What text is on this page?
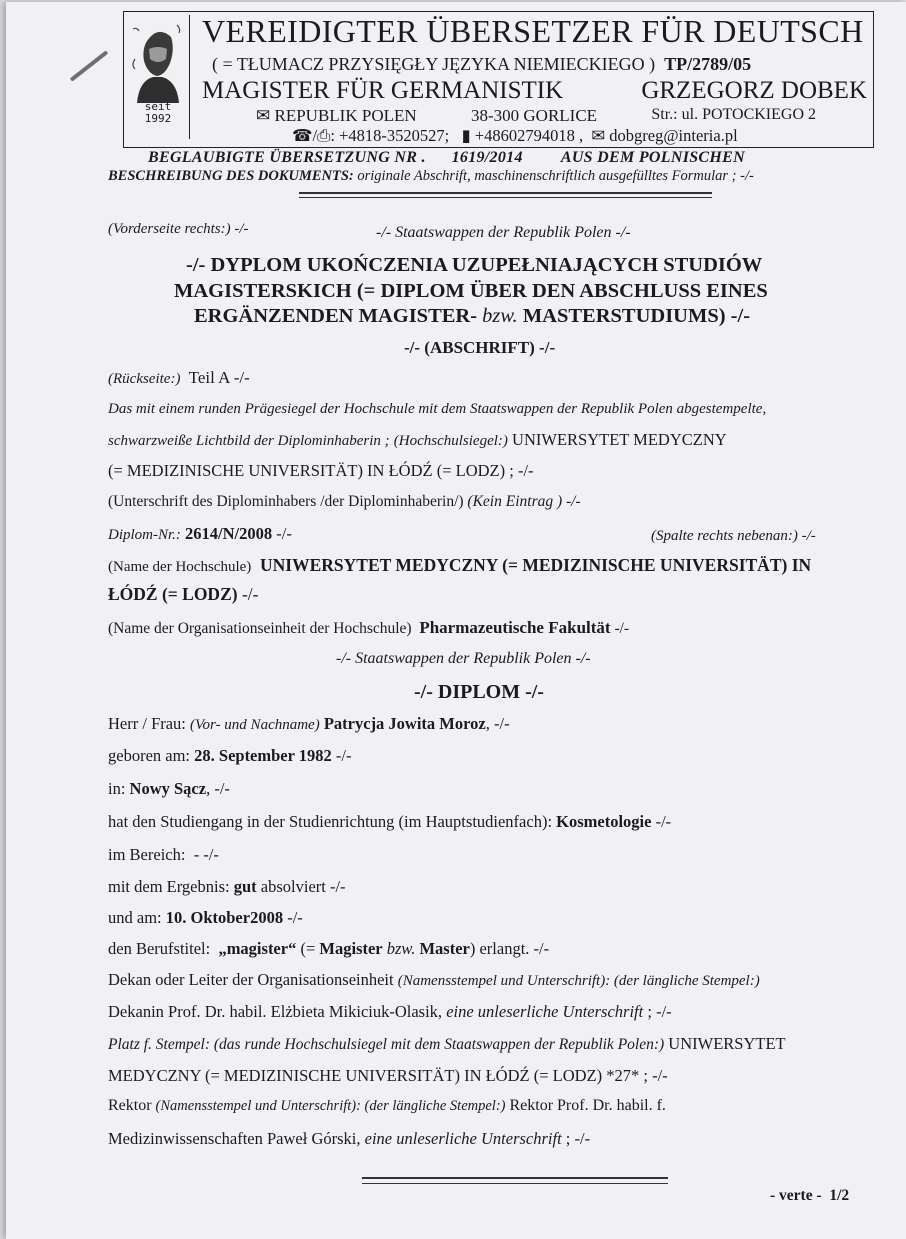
seit
1992
VEREIDIGTER ÜBERSETZER FÜR DEUTSCH
( = TŁUMACZ PRZYSIĘGŁY JĘZYKA NIEMIECKIEGO ) TP/2789/05
MAGISTER FÜR GERMANISTIK	GRZEGORZ DOBEK
✉ REPUBLIK POLEN	38-300 GORLICE	Str.: ul. POTOCKIEGO 2
☎/⎙: +4818-3520527; ▮ +48602794018 , ✉ dobgreg@interia.pl
BEGLAUBIGTE ÜBERSETZUNG NR . 1619/2014 AUS DEM POLNISCHEN
BESCHREIBUNG DES DOKUMENTS: originale Abschrift, maschinenschriftlich ausgefülltes Formular ; -/-
(Vorderseite rechts:) -/-	-/- Staatswappen der Republik Polen -/-
-/- DYPLOM UKOŃCZENIA UZUPEŁNIAJĄCYCH STUDIÓW
MAGISTERSKICH (= DIPLOM ÜBER DEN ABSCHLUSS EINES
ERGÄNZENDEN MAGISTER- bzw. MASTERSTUDIUMS) -/-
-/- (ABSCHRIFT) -/-
(Rückseite:) Teil A -/-
Das mit einem runden Prägesiegel der Hochschule mit dem Staatswappen der Republik Polen abgestempelte,
schwarzweiße Lichtbild der Diplominhaberin ; (Hochschulsiegel:) UNIWERSYTET MEDYCZNY
(= MEDIZINISCHE UNIVERSITÄT) IN ŁÓDŹ (= LODZ) ; -/-
(Unterschrift des Diplominhabers /der Diplominhaberin/) (Kein Eintrag ) -/-
Diplom-Nr.: 2614/N/2008 -/-	(Spalte rechts nebenan:) -/-
(Name der Hochschule) UNIWERSYTET MEDYCZNY (= MEDIZINISCHE UNIVERSITÄT) IN
ŁÓDŹ (= LODZ) -/-
(Name der Organisationseinheit der Hochschule) Pharmazeutische Fakultät -/-
-/- Staatswappen der Republik Polen -/-
-/- DIPLOM -/-
Herr / Frau: (Vor- und Nachname) Patrycja Jowita Moroz, -/-
geboren am: 28. September 1982 -/-
in: Nowy Sącz, -/-
hat den Studiengang in der Studienrichtung (im Hauptstudienfach): Kosmetologie -/-
im Bereich: - -/-
mit dem Ergebnis: gut absolviert -/-
und am: 10. Oktober2008 -/-
den Berufstitel: „magister“ (= Magister bzw. Master) erlangt. -/-
Dekan oder Leiter der Organisationseinheit (Namensstempel und Unterschrift): (der längliche Stempel:)
Dekanin Prof. Dr. habil. Elżbieta Mikiciuk-Olasik, eine unleserliche Unterschrift ; -/-
Platz f. Stempel: (das runde Hochschulsiegel mit dem Staatswappen der Republik Polen:) UNIWERSYTET
MEDYCZNY (= MEDIZINISCHE UNIVERSITÄT) IN ŁÓDŹ (= LODZ) *27* ; -/-
Rektor (Namensstempel und Unterschrift): (der längliche Stempel:) Rektor Prof. Dr. habil. f.
Medizinwissenschaften Paweł Górski, eine unleserliche Unterschrift ; -/-
- verte - 1/2
